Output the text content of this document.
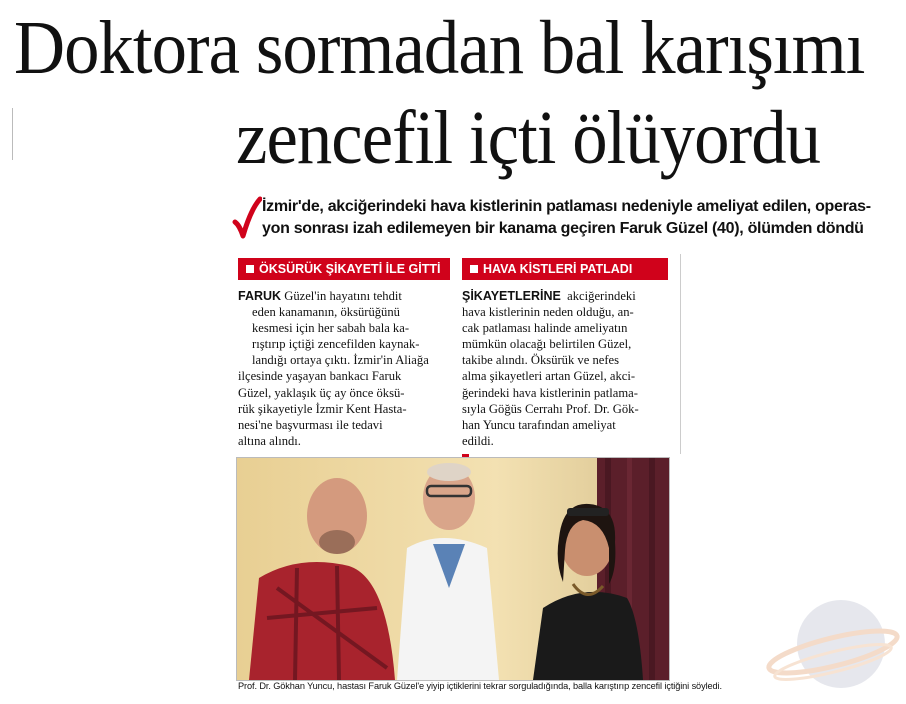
Doktora sormadan bal karışımı
zencefil içti ölüyordu
İzmir'de, akciğerindeki hava kistlerinin patlaması nedeniyle ameliyat edilen, operas-
yon sonrası izah edilemeyen bir kanama geçiren Faruk Güzel (40), ölümden döndü
ÖKSÜRÜK ŞİKAYETİ İLE GİTTİ	HAVA KİSTLERİ PATLADI
FARUK Güzel'in hayatını tehdit
eden kanamanın, öksürüğünü
kesmesi için her sabah bala ka-
rıştırıp içtiği zencefilden kaynak-
landığı ortaya çıktı. İzmir'in Aliağa
ilçesinde yaşayan bankacı Faruk
Güzel, yaklaşık üç ay önce öksü-
rük şikayetiyle İzmir Kent Hasta-
nesi'ne başvurması ile tedavi
altına alındı.
ŞİKAYETLERİNE akciğerindeki
hava kistlerinin neden olduğu, an-
cak patlaması halinde ameliyatın
mümkün olacağı belirtilen Güzel,
takibe alındı. Öksürük ve nefes
alma şikayetleri artan Güzel, akci-
ğerindeki hava kistlerinin patlama-
sıyla Göğüs Cerrahı Prof. Dr. Gök-
han Yuncu tarafından ameliyat
edildi.
Prof. Dr. Gökhan Yuncu, hastası Faruk Güzel'e yiyip içtiklerini tekrar sorguladığında, balla karıştırıp zencefil içtiğini söyledi.
